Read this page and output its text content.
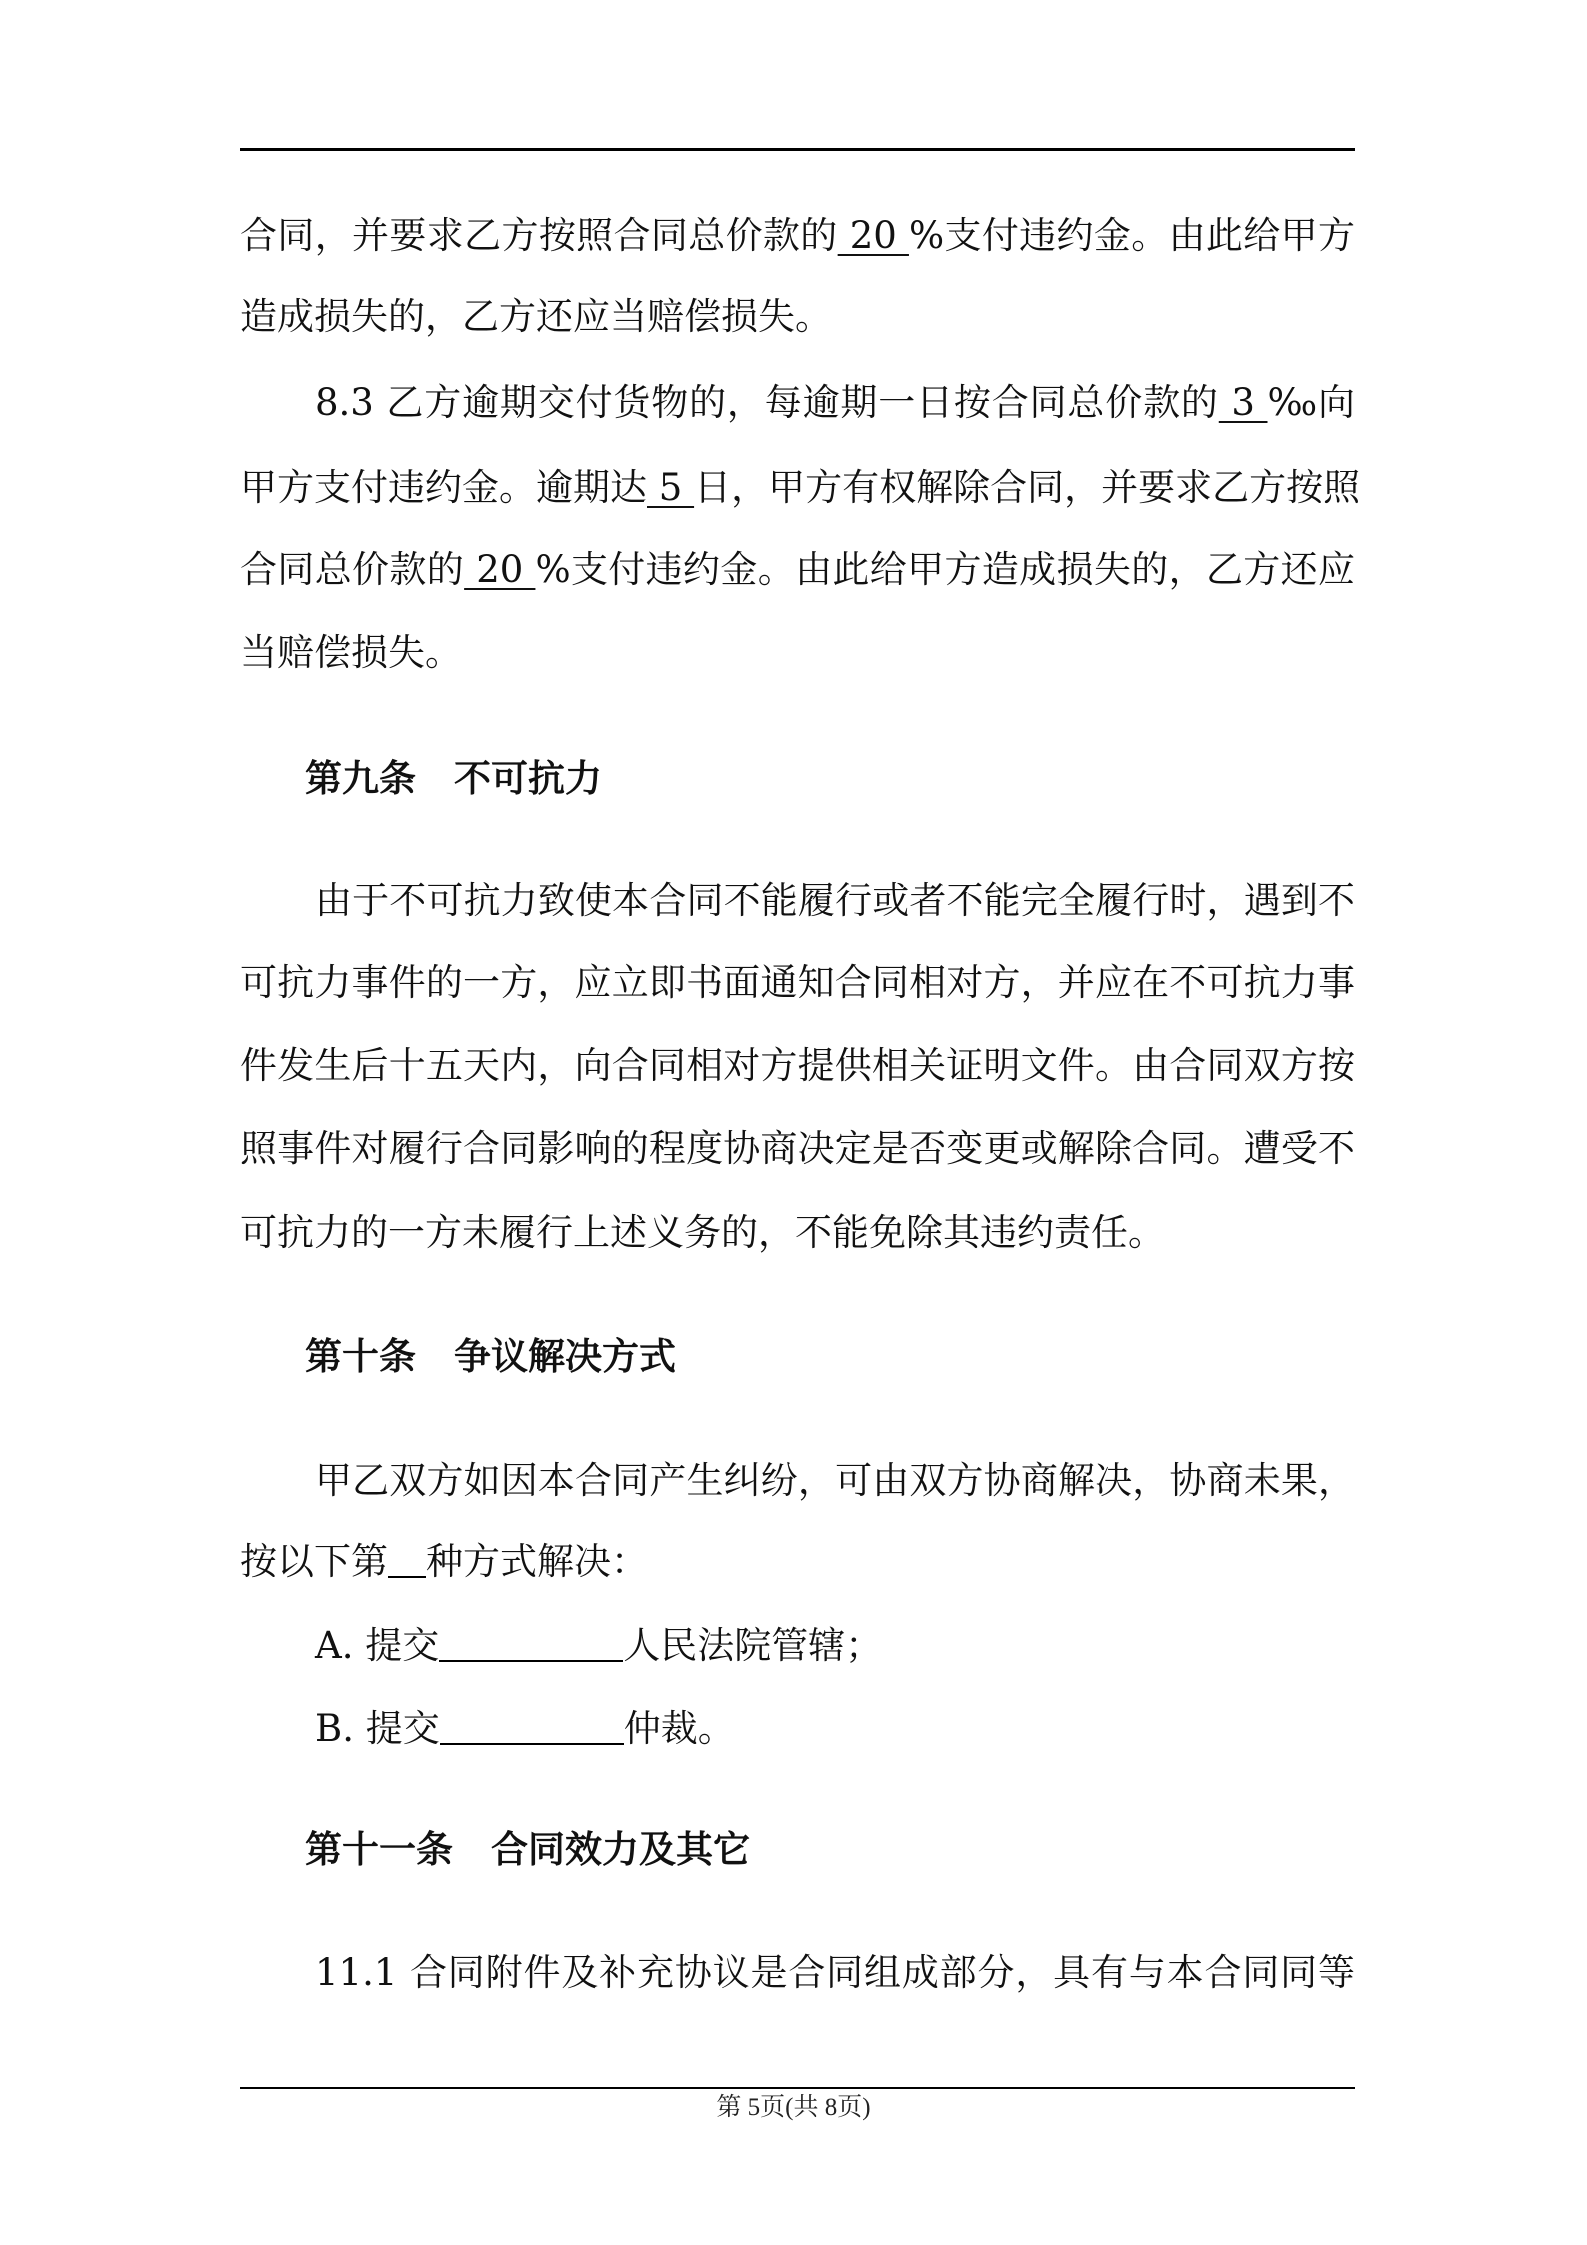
合同，并要求乙方按照合同总价款的 20 %支付违约金。由此给甲方
造成损失的，乙方还应当赔偿损失。
8.3 乙方逾期交付货物的，每逾期一日按合同总价款的 3 ‰向
甲方支付违约金。逾期达 5 日，甲方有权解除合同，并要求乙方按照
合同总价款的 20 %支付违约金。由此给甲方造成损失的，乙方还应
当赔偿损失。
第九条 不可抗力
由于不可抗力致使本合同不能履行或者不能完全履行时，遇到不
可抗力事件的一方，应立即书面通知合同相对方，并应在不可抗力事
件发生后十五天内，向合同相对方提供相关证明文件。由合同双方按
照事件对履行合同影响的程度协商决定是否变更或解除合同。遭受不
可抗力的一方未履行上述义务的，不能免除其违约责任。
第十条 争议解决方式
甲乙双方如因本合同产生纠纷，可由双方协商解决，协商未果，
按以下第 种方式解决：
A. 提交	人民法院管辖；
B. 提交	仲裁。
第十一条 合同效力及其它
11.1 合同附件及补充协议是合同组成部分，具有与本合同同等
第 5页(共 8页)
